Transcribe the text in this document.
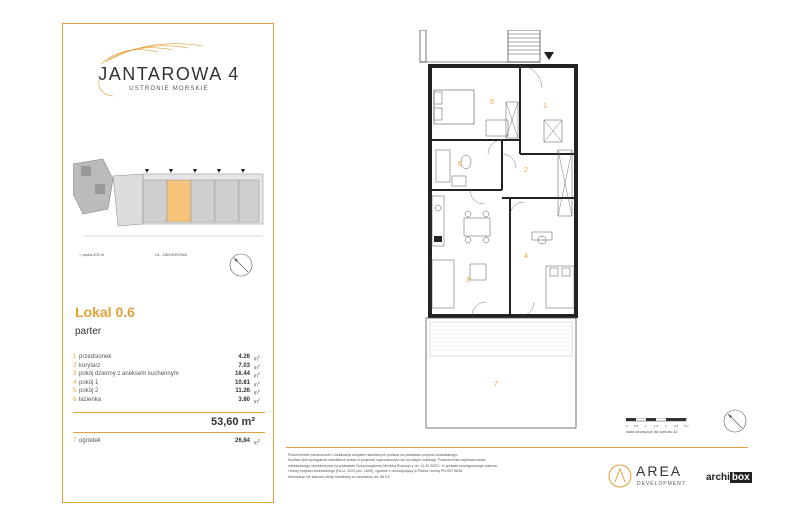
JANTAROWA 4
USTRONIE MORSKIE
< plaża 200 m	UL. JANTAROWA
Lokal 0.6
parter
1 przedsionek	4.26 $m^2$
2 korytarz	7.03 $m^2$
3 pokój dzienny z aneksem kuchennym	16.44 $m^2$
4 pokój 1	10.81 $m^2$
5 pokój 2	11.26 $m^2$
6 łazienka	3.80 $m^2$
53,60 m²
7 ogródek	26,84 $m^2$
5
1
6
2
3
4
7
0 0.5 1 1.5 2 2.5 5 m
skala obowiązuje dla wydruku A3
Powierzchnie pomieszczeń i lokalizacja urządzeń sanitarnych podana na podstawie projektu budowlanego.
Możliwe jest wystąpienie niewielkich zmian w projekcie wykonawczym lub na etapie realizacji. Powierzchnia użytkowa lokalu
mieszkalnego określona jest na podstawie Rozporządzenia Ministra Rozwoju z dn. 11.09.2020 r. w sprawie szczegółowego zakresu
i formy projektu budowlanego (Dz.U. 2020 poz. 1609), zgodnie z obowiązującą w Polsce normą PN ISO 9836.
Informacja nie stanowi oferty handlowej w rozumieniu art. 66 KC	AREA
DEVELOPMENT
archi box
